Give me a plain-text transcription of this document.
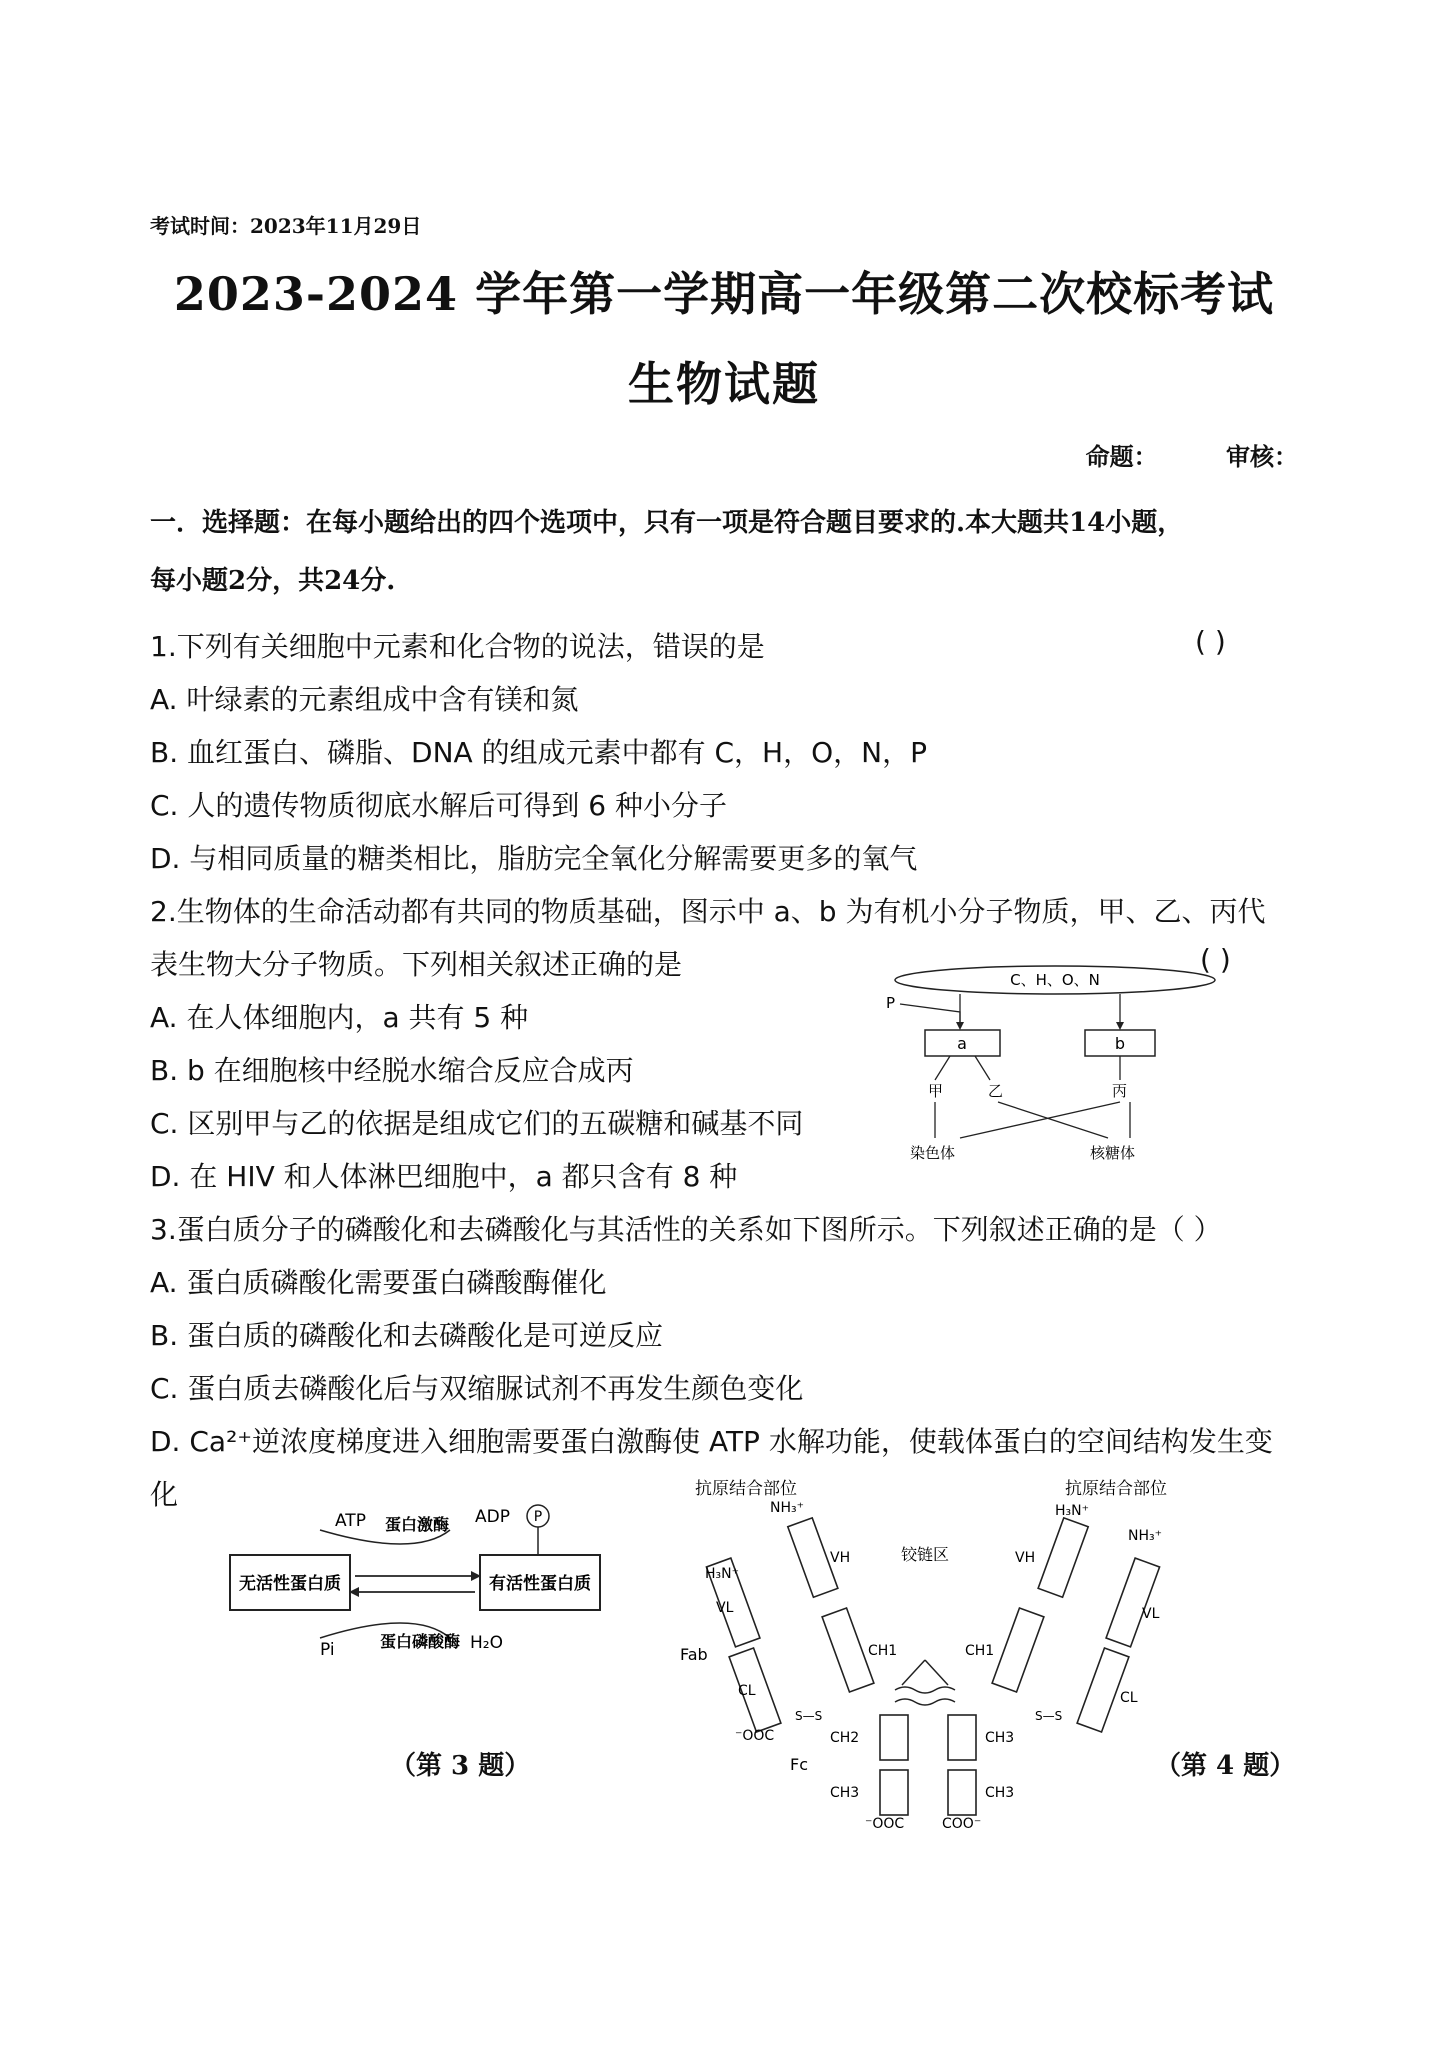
考试时间：2023年11月29日
2023-2024 学年第一学期高一年级第二次校标考试
生物试题
命题：	审核：
一．选择题：在每小题给出的四个选项中，只有一项是符合题目要求的.本大题共14小题，
每小题2分，共24分.
1.下列有关细胞中元素和化合物的说法，错误的是	( )
A. 叶绿素的元素组成中含有镁和氮
B. 血红蛋白、磷脂、DNA 的组成元素中都有 C，H，O，N，P
C. 人的遗传物质彻底水解后可得到 6 种小分子
D. 与相同质量的糖类相比，脂肪完全氧化分解需要更多的氧气
2.生物体的生命活动都有共同的物质基础，图示中 a、b 为有机小分子物质，甲、乙、丙代
表生物大分子物质。下列相关叙述正确的是	( )
A. 在人体细胞内，a 共有 5 种
B. b 在细胞核中经脱水缩合反应合成丙
C. 区别甲与乙的依据是组成它们的五碳糖和碱基不同
D. 在 HIV 和人体淋巴细胞中，a 都只含有 8 种
C、H、O、N
P
a	b
甲	乙	丙
染色体	核糖体
3.蛋白质分子的磷酸化和去磷酸化与其活性的关系如下图所示。下列叙述正确的是（ ）
A. 蛋白质磷酸化需要蛋白磷酸酶催化
B. 蛋白质的磷酸化和去磷酸化是可逆反应
C. 蛋白质去磷酸化后与双缩脲试剂不再发生颜色变化
D. Ca²⁺逆浓度梯度进入细胞需要蛋白激酶使 ATP 水解功能，使载体蛋白的空间结构发生变
化
无活性蛋白质	有活性蛋白质
ATP 蛋白激酶 ADP P
Pi	蛋白磷酸酶 H₂O
（第 3 题）
抗原结合部位	抗原结合部位
铰链区
H₃N⁺
NH₃⁺
VL
CL
VH
CH1
Fab
⁻OOC
S—S
VH
CH1
VL
CL
H₃N⁺
NH₃⁺
S—S
CH2
CH3
CH3
CH3
Fc
⁻OOC	COO⁻
（第 4 题）
